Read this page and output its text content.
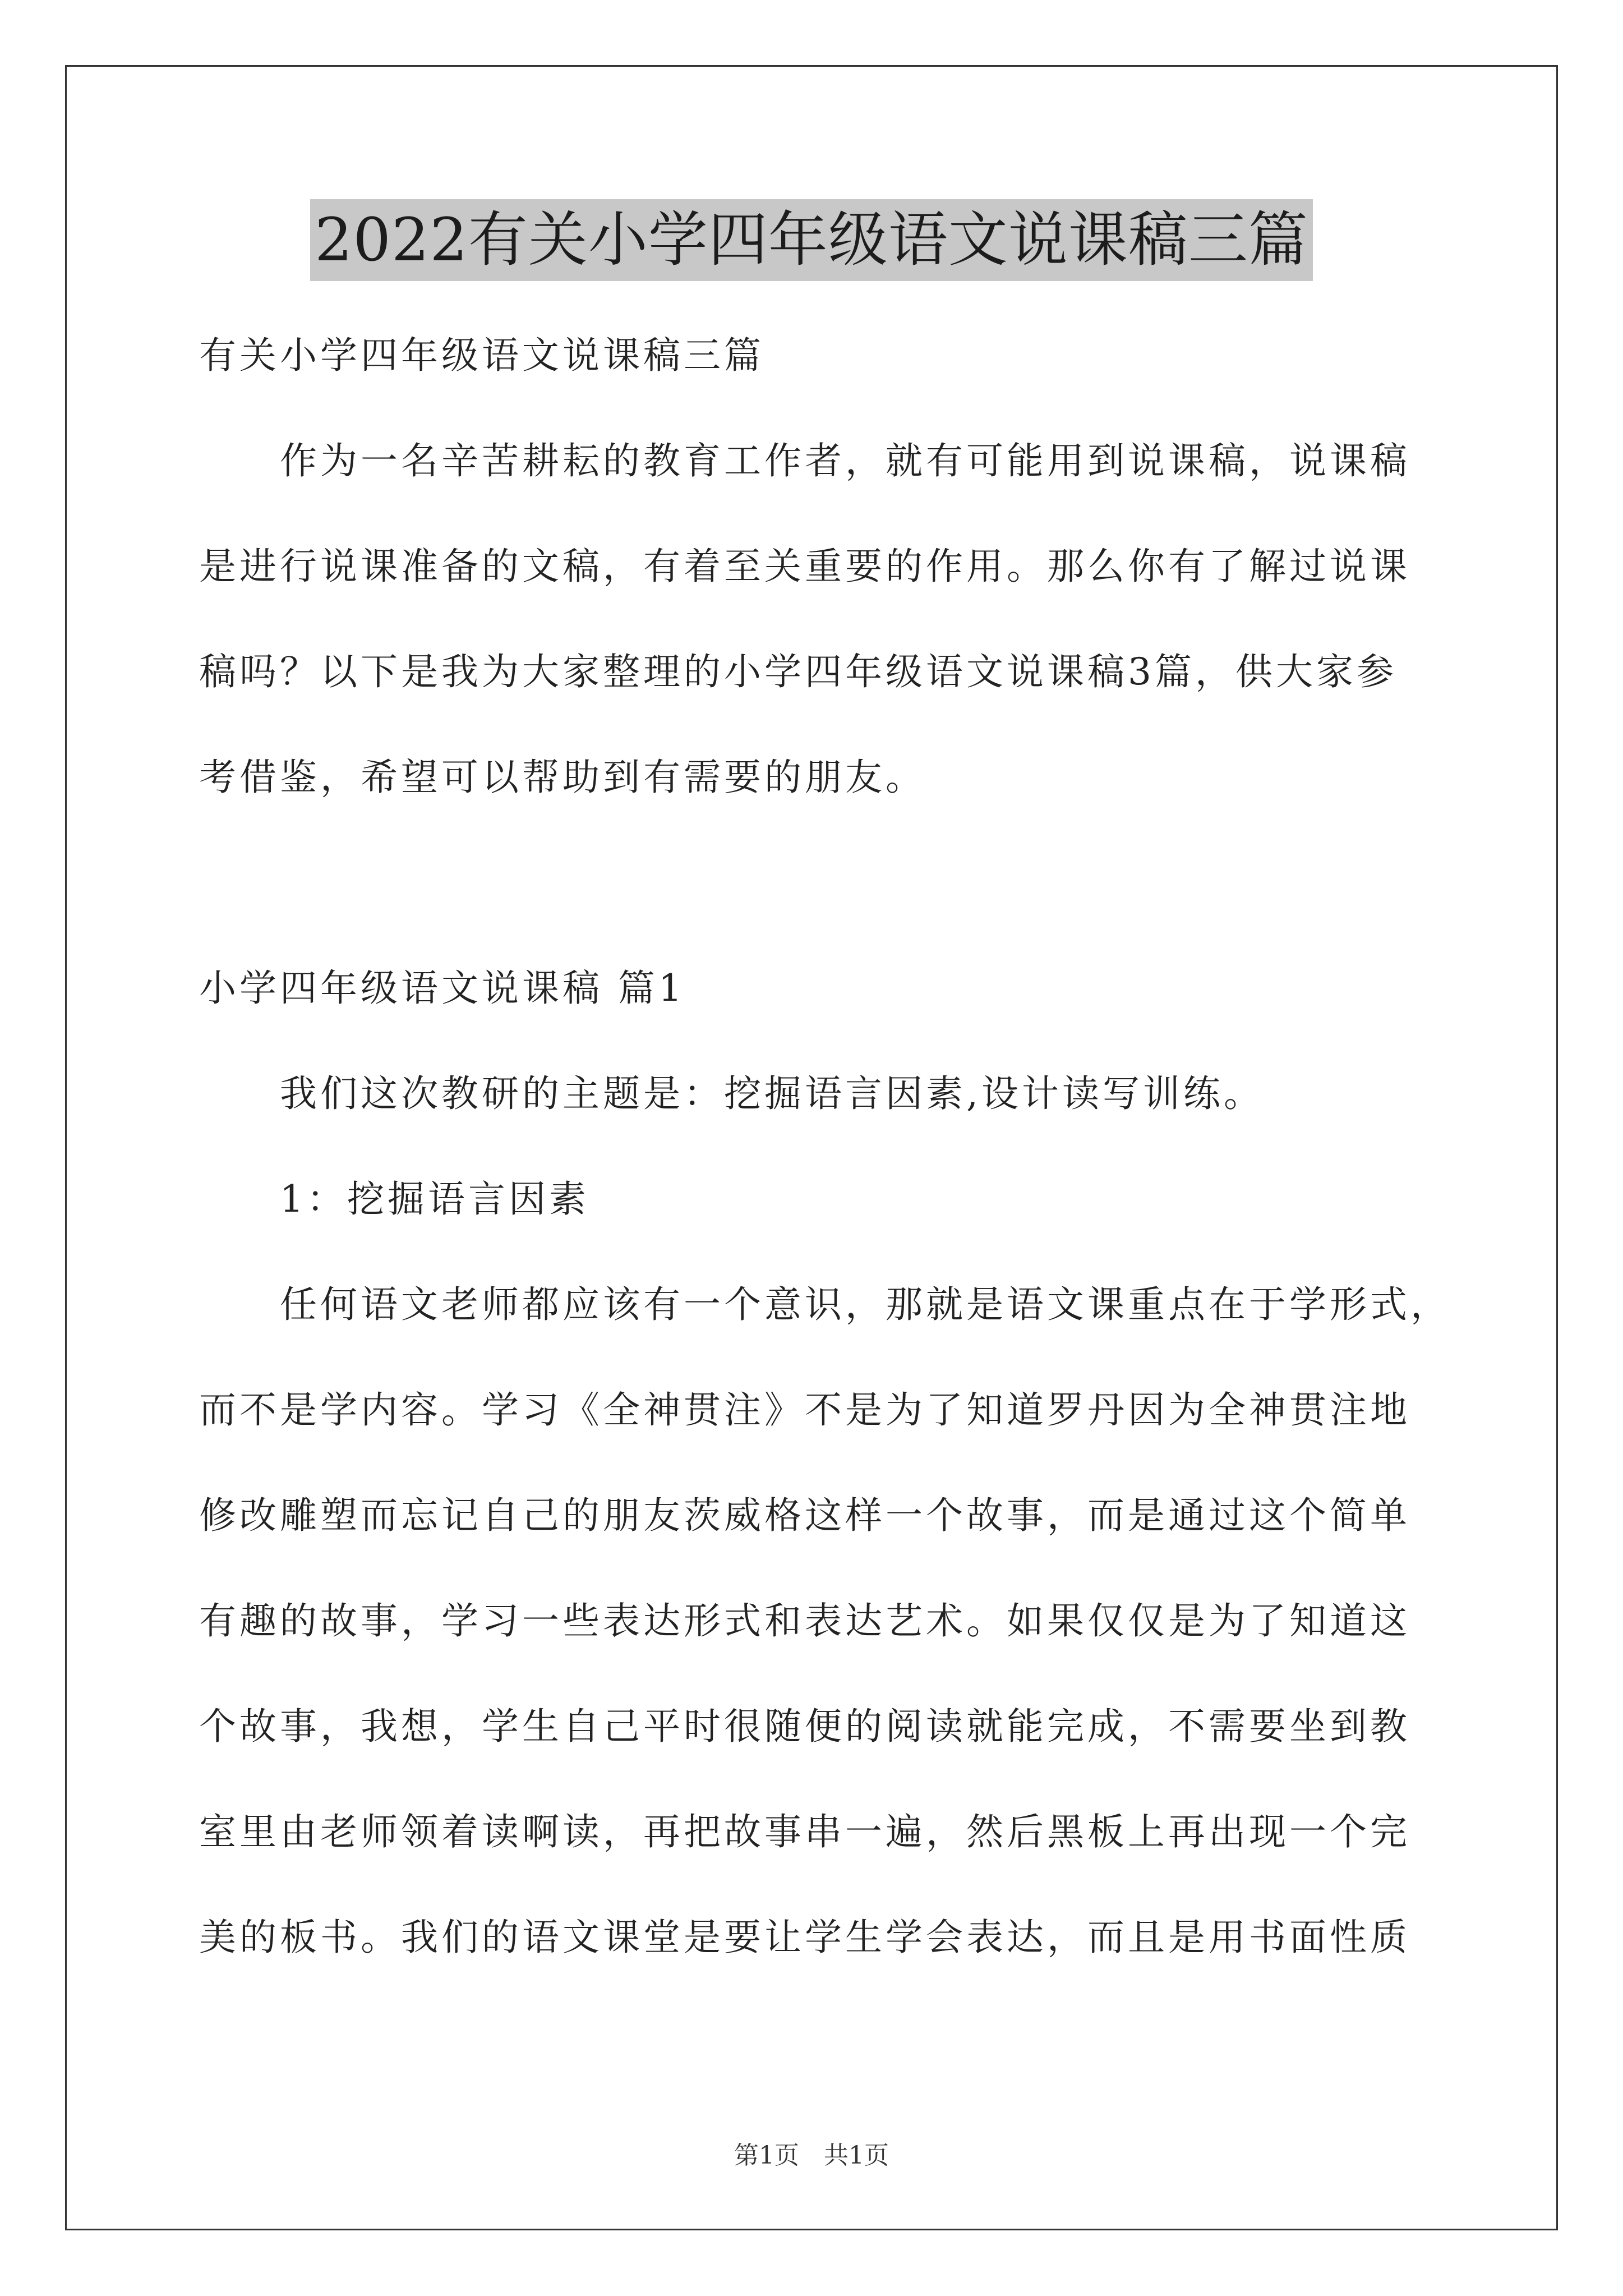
2022有关小学四年级语文说课稿三篇

有关小学四年级语文说课稿三篇

　　作为一名辛苦耕耘的教育工作者，就有可能用到说课稿，说课稿

是进行说课准备的文稿，有着至关重要的作用。那么你有了解过说课

稿吗？以下是我为大家整理的小学四年级语文说课稿3篇，供大家参

考借鉴，希望可以帮助到有需要的朋友。

小学四年级语文说课稿 篇1

　　我们这次教研的主题是：挖掘语言因素,设计读写训练。

　　1：挖掘语言因素

　　任何语文老师都应该有一个意识，那就是语文课重点在于学形式，

而不是学内容。学习《全神贯注》不是为了知道罗丹因为全神贯注地

修改雕塑而忘记自己的朋友茨威格这样一个故事，而是通过这个简单

有趣的故事，学习一些表达形式和表达艺术。如果仅仅是为了知道这

个故事，我想，学生自己平时很随便的阅读就能完成，不需要坐到教

室里由老师领着读啊读，再把故事串一遍，然后黑板上再出现一个完

美的板书。我们的语文课堂是要让学生学会表达，而且是用书面性质

第1页　共1页
